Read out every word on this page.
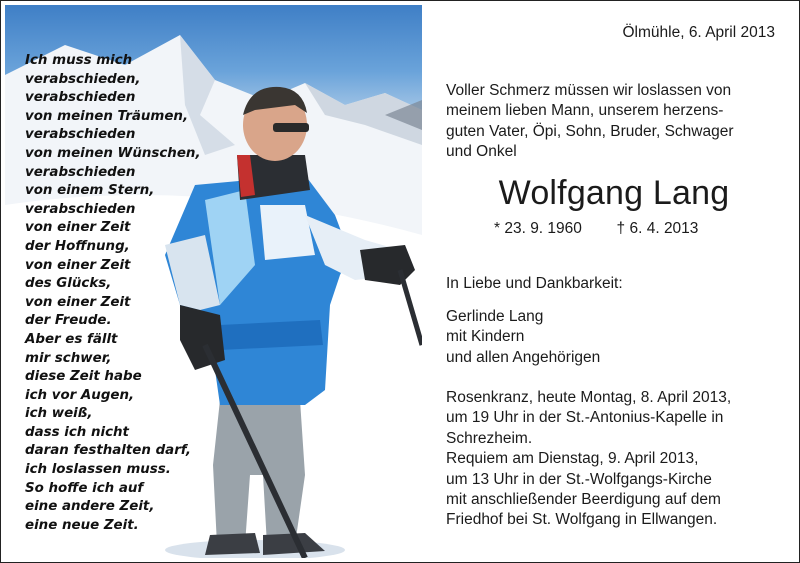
Ich muss mich
verabschieden,
verabschieden
von meinen Träumen,
verabschieden
von meinen Wünschen,
verabschieden
von einem Stern,
verabschieden
von einer Zeit
der Hoffnung,
von einer Zeit
des Glücks,
von einer Zeit
der Freude.
Aber es fällt
mir schwer,
diese Zeit habe
ich vor Augen,
ich weiß,
dass ich nicht
daran festhalten darf,
ich loslassen muss.
So hoffe ich auf
eine andere Zeit,
eine neue Zeit.
Ölmühle, 6. April 2013
Voller Schmerz müssen wir loslassen von
meinem lieben Mann, unserem herzens-
guten Vater, Öpi, Sohn, Bruder, Schwager
und Onkel
Wolfgang Lang
* 23. 9. 1960 † 6. 4. 2013
In Liebe und Dankbarkeit:
Gerlinde Lang
mit Kindern
und allen Angehörigen
Rosenkranz, heute Montag, 8. April 2013,
um 19 Uhr in der St.-Antonius-Kapelle in
Schrezheim.
Requiem am Dienstag, 9. April 2013,
um 13 Uhr in der St.-Wolfgangs-Kirche
mit anschließender Beerdigung auf dem
Friedhof bei St. Wolfgang in Ellwangen.
